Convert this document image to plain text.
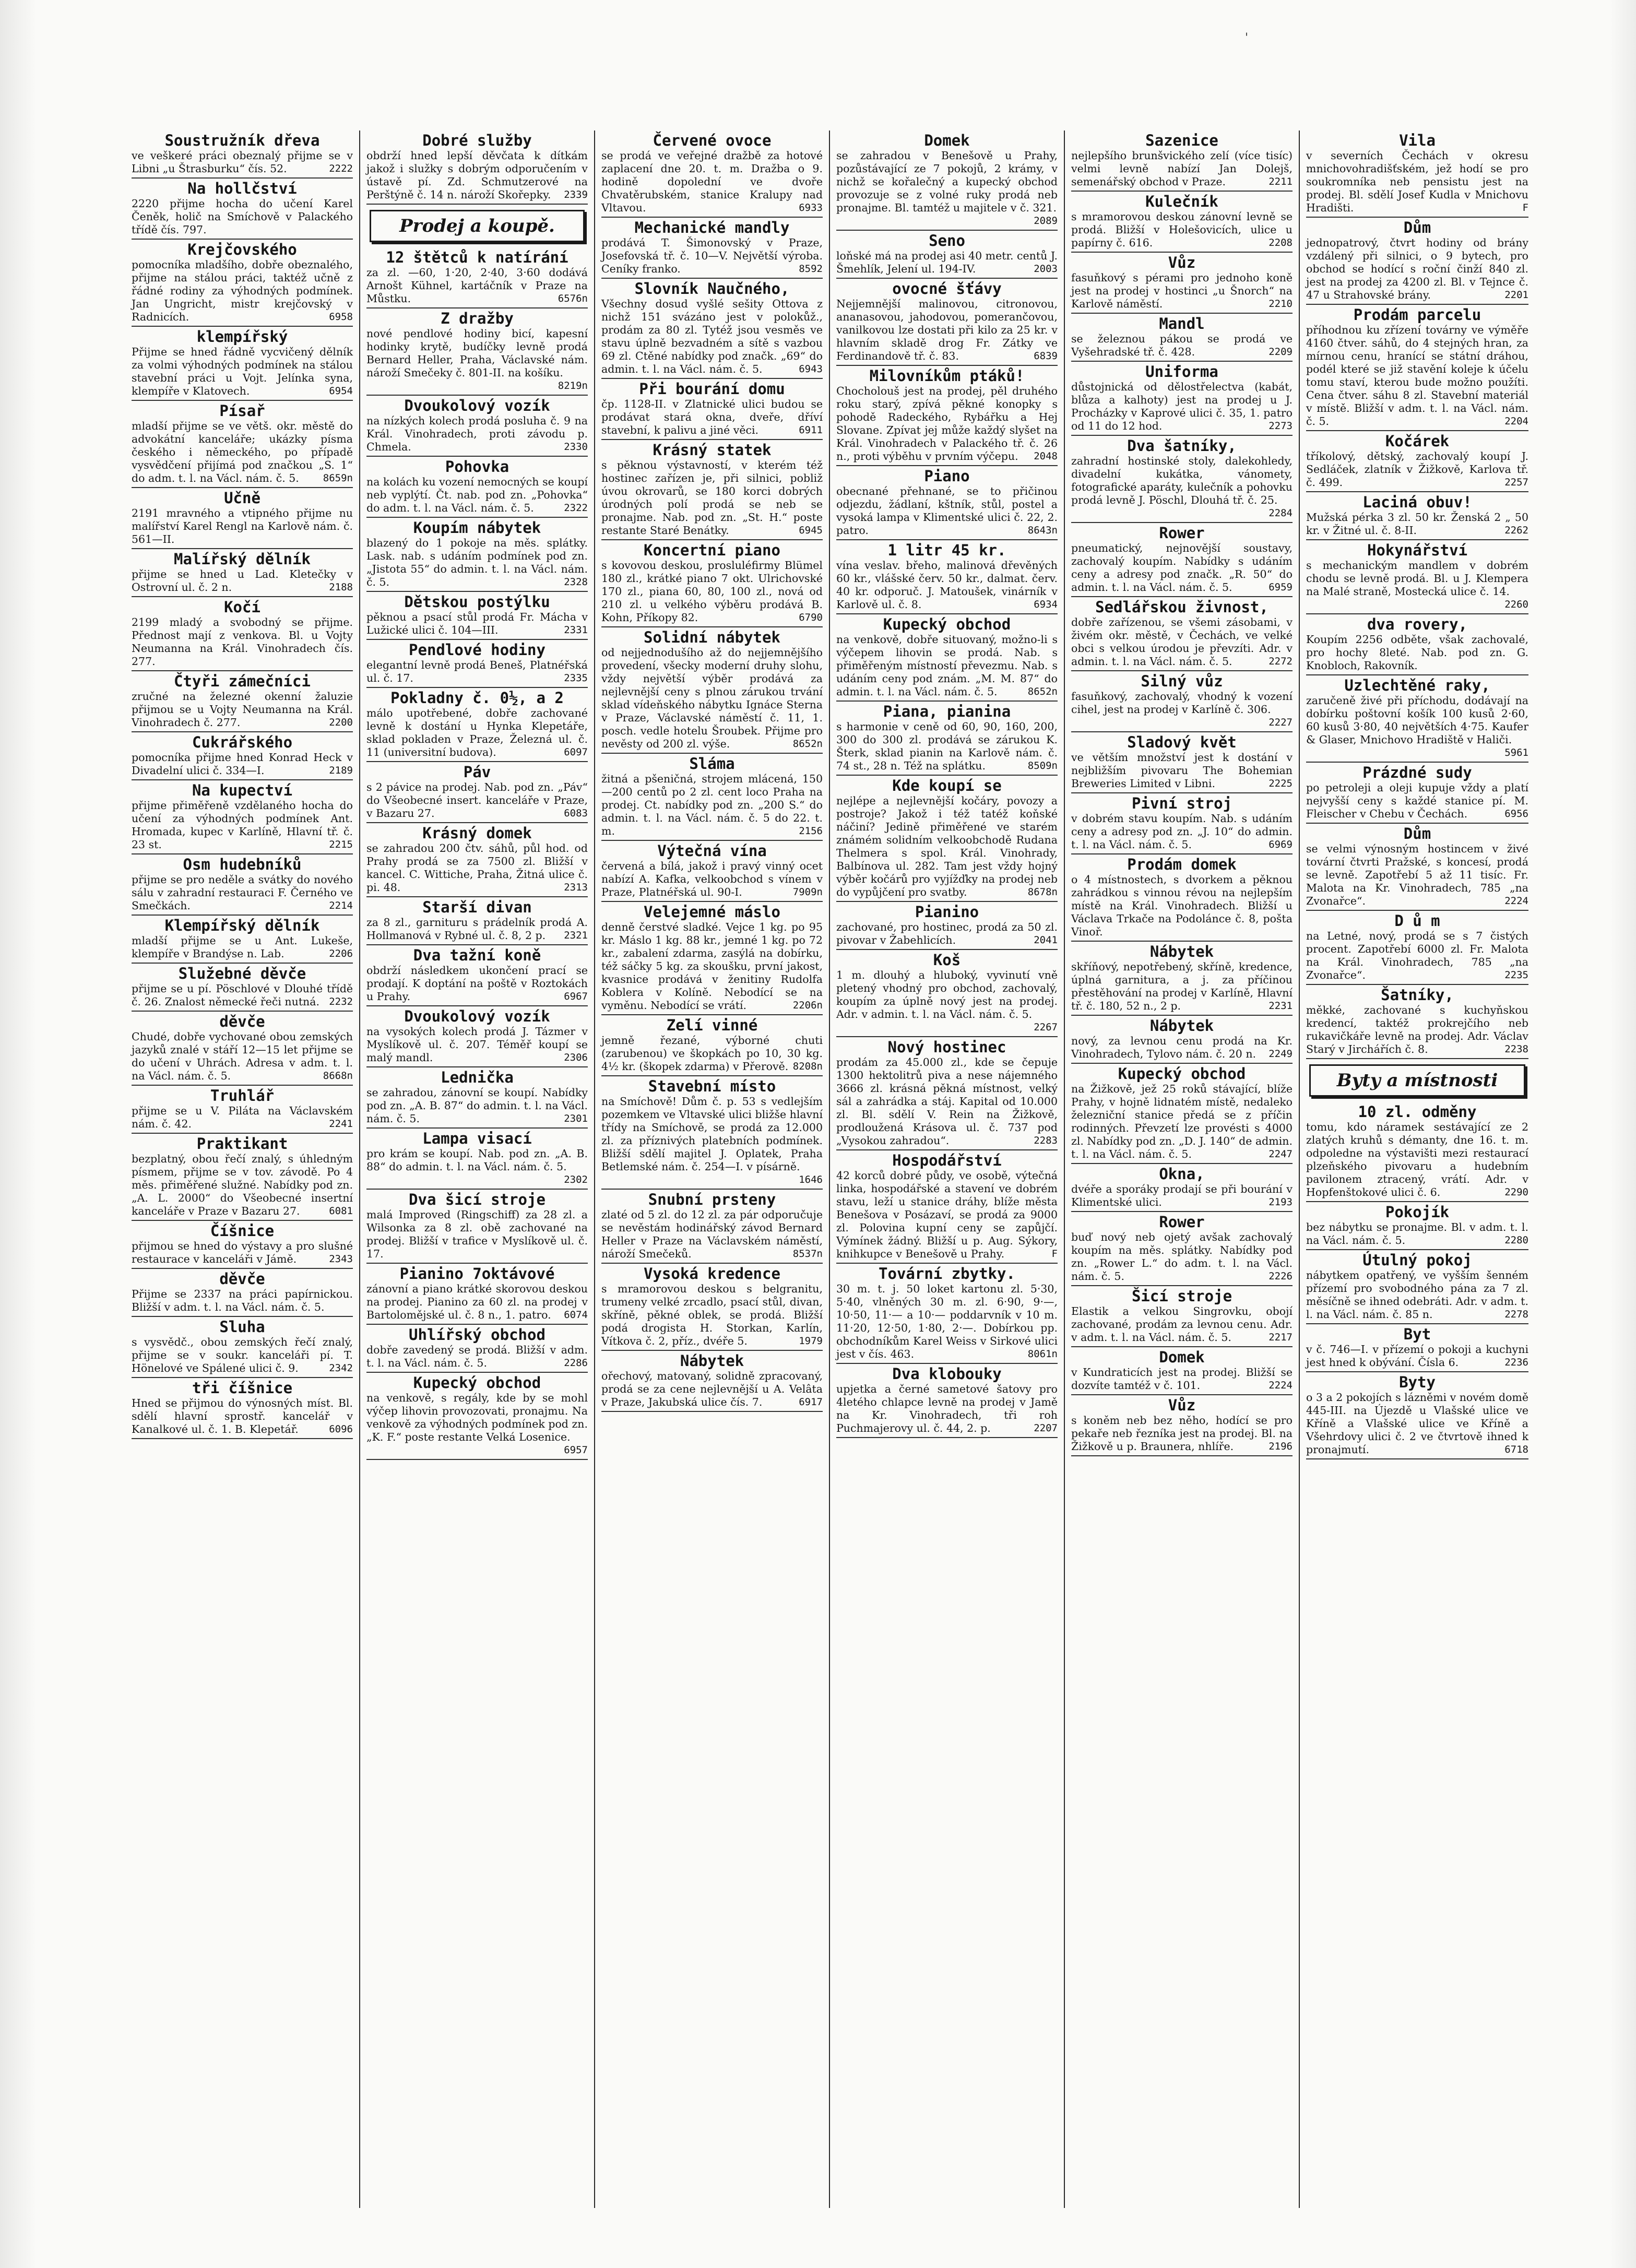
'
Soustružník dřeva
ve veškeré práci obeznalý přijme se v Libni „u Štrasburku“ čís. 52.	2222
Na hollčství
2220 přijme hocha do učení Karel Čeněk, holič na Smíchově v Palackého třídě čís. 797.
Krejčovského
pomocníka mladšího, dobře obeznalého, přijme na stálou práci, taktéž učně z řádné rodiny za výhodných podmínek. Jan Ungricht, mistr krejčovský v Radnicích.	6958
klempířský
Přijme se hned řádně vycvičený dělník za volmi výhodných podmínek na stálou stavební práci u Vojt. Jelínka syna, klempíře v Klatovech.	6954
Písař
mladší přijme se ve větš. okr. městě do advokátní kanceláře; ukázky písma českého i německého, po případě vysvědčení přijímá pod značkou „S. 1“ do adm. t. l. na Václ. nám. č. 5. 8659n
Učně
2191 mravného a vtipného přijme nu malířství Karel Rengl na Karlově nám. č. 561—II.
Malířský dělník
přijme se hned u Lad. Kletečky v Ostrovní ul. č. 2 n.	2188
Kočí
2199 mladý a svobodný se přijme. Přednost mají z venkova. Bl. u Vojty Neumanna na Král. Vinohradech čís. 277.
Čtyři zámečníci
zručné na železné okenní žaluzie přijmou se u Vojty Neumanna na Král. Vinohradech č. 277.	2200
Cukrářského
pomocníka přijme hned Konrad Heck v Divadelní ulici č. 334—I.	2189
Na kupectví
přijme přiměřeně vzdělaného hocha do učení za výhodných podmínek Ant. Hromada, kupec v Karlíně, Hlavní tř. č. 23 st.	2215
Osm hudebníků
přijme se pro neděle a svátky do nového sálu v zahradní restauraci F. Černého ve Smečkách.	2214
Klempířský dělník
mladší přijme se u Ant. Lukeše, klempíře v Brandýse n. Lab.	2206
Služebné děvče
přijme se u pí. Pöschlové v Dlouhé třídě č. 26. Znalost německé řeči nutná. 2232
děvče
Chudé, dobře vychované obou zemských jazyků znalé v stáří 12—15 let přijme se do učení v Uhrách. Adresa v adm. t. l. na Václ. nám. č. 5.	8668n
Truhlář
přijme se u V. Piláta na Václavském nám. č. 42.	2241
Praktikant
bezplatný, obou řečí znalý, s úhledným písmem, přijme se v tov. závodě. Po 4 měs. přiměřené služné. Nabídky pod zn. „A. L. 2000“ do Všeobecné insertní kanceláře v Praze v Bazaru 27.	6081
Číšnice
přijmou se hned do výstavy a pro slušné restaurace v kanceláři v Jámě.	2343
děvče
Přijme se 2337 na práci papírnickou. Bližší v adm. t. l. na Václ. nám. č. 5.
Sluha
s vysvědč., obou zemských řečí znalý, přijme se v soukr. kanceláři pí. T. Hönelové ve Spálené ulici č. 9.	2342
tři číšnice
Hned se přijmou do výnosných míst. Bl. sdělí hlavní sprostř. kancelář v Kanalkové ul. č. 1. B. Klepetář.	6096
Dobré služby
obdrží hned lepší děvčata k dítkám jakož i služky s dobrým odporučením v ústavě pí. Zd. Schmutzerové na Perštýně č. 14 n. nároží Skořepky. 2339
Prodej a koupě.
12 štětců k natírání
za zl. —60, 1·20, 2·40, 3·60 dodává Arnošt Kühnel, kartáčník v Praze na Můstku.	6576n
Z dražby
nové pendlové hodiny bicí, kapesní hodinky krytě, budíčky levně prodá Bernard Heller, Praha, Václavské nám. nároží Smečeky č. 801-II. na košíku.
8219n
Dvoukolový vozík
na nízkých kolech prodá posluha č. 9 na Král. Vinohradech, proti závodu p. Chmela.	2330
Pohovka
na kolách ku vození nemocných se koupí neb vyplýtí. Čt. nab. pod zn. „Pohovka“ do adm. t. l. na Václ. nám. č. 5.	2322
Koupím nábytek
blazený do 1 pokoje na měs. splátky. Lask. nab. s udáním podmínek pod zn. „Jistota 55“ do admin. t. l. na Václ. nám. č. 5.	2328
Dětskou postýlku
pěknou a psací stůl prodá Fr. Mácha v Lužické ulici č. 104—III.	2331
Pendlové hodiny
elegantní levně prodá Beneš, Platnéřská ul. č. 17.	2335
Pokladny č. 0½, a 2
málo upotřebené, dobře zachované levně k dostání u Hynka Klepetáře, sklad pokladen v Praze, Železná ul. č. 11 (universitní budova).	6097
Páv
s 2 pávice na prodej. Nab. pod zn. „Páv“ do Všeobecné insert. kanceláře v Praze, v Bazaru 27.	6083
Krásný domek
se zahradou 200 čtv. sáhů, půl hod. od Prahy prodá se za 7500 zl. Bližší v kancel. C. Wittiche, Praha, Žitná ulice č. pi. 48.	2313
Starší divan
za 8 zl., garnituru s prádelník prodá A. Hollmanová v Rybné ul. č. 8, 2 p. 2321
Dva tažní koně
obdrží následkem ukončení prací se prodají. K doptání na poště v Roztokách u Prahy.	6967
Dvoukolový vozík
na vysokých kolech prodá J. Tázmer v Myslíkově ul. č. 207. Téměř koupí se malý mandl.	2306
Lednička
se zahradou, zánovní se koupí. Nabídky pod zn. „A. B. 87“ do admin. t. l. na Václ. nám. č. 5.	2301
Lampa visací
pro krám se koupí. Nab. pod zn. „A. B. 88“ do admin. t. l. na Václ. nám. č. 5.
2302
Dva šicí stroje
malá Improved (Ringschiff) za 28 zl. a Wilsonka za 8 zl. obě zachované na prodej. Bližší v trafice v Myslíkově ul. č. 17.
Pianino 7oktávové
zánovní a piano krátké skorovou deskou na prodej. Pianino za 60 zl. na prodej v Bartolomějské ul. č. 8 n., 1. patro. 6074
Uhlířský obchod
dobře zavedený se prodá. Bližší v adm. t. l. na Václ. nám. č. 5.	2286
Kupecký obchod
na venkově, s regály, kde by se mohl výčep lihovin provozovati, pronajmu. Na venkově za výhodných podmínek pod zn. „K. F.“ poste restante Velká Losenice.
6957
Červené ovoce
se prodá ve veřejné dražbě za hotové zaplacení dne 20. t. m. Dražba o 9. hodině dopolední ve dvoře Chvatěrubském, stanice Kralupy nad Vltavou.	6933
Mechanické mandly
prodává T. Šimonovský v Praze, Josefovská tř. č. 10—V. Největší výroba. Ceníky franko.	8592
Slovník Naučného,
Všechny dosud vyšlé sešity Ottova z nichž 151 svázáno jest v polokůž., prodám za 80 zl. Tytéž jsou vesměs ve stavu úplně bezvadném a sítě s vazbou 69 zl. Ctěné nabídky pod značk. „69“ do admin. t. l. na Václ. nám. č. 5.	6943
Při bourání domu
čp. 1128-II. v Zlatnické ulici budou se prodávat stará okna, dveře, dříví stavební, k palivu a jiné věci.	6911
Krásný statek
s pěknou výstavností, v kterém též hostinec zařízen je, při silnici, pobliž úvou okrovarů, se 180 korci dobrých úrodných polí prodá se neb se pronajme. Nab. pod zn. „St. H.“ poste restante Staré Benátky.	6945
Koncertní piano
s kovovou deskou, prosluléfirmy Blümel 180 zl., krátké piano 7 okt. Ulrichovské 170 zl., piana 60, 80, 100 zl., nová od 210 zl. u velkého výběru prodává B. Kohn, Příkopy 82.	6790
Solidní nábytek
od nejjednodušího až do nejjemnějšího provedení, všecky moderní druhy slohu, vždy největší výběr prodává za nejlevnější ceny s plnou zárukou trvání sklad vídeňského nábytku Ignáce Sterna v Praze, Václavské náměstí č. 11, 1. posch. vedle hotelu Šroubek. Přijme pro nevěsty od 200 zl. výše.	8652n
Sláma
žitná a pšeničná, strojem mlácená, 150—200 centů po 2 zl. cent loco Praha na prodej. Ct. nabídky pod zn. „200 S.“ do admin. t. l. na Václ. nám. č. 5 do 22. t. m.	2156
Výtečná vína
červená a bílá, jakož i pravý vinný ocet nabízí A. Kafka, velkoobchod s vínem v Praze, Platnéřská ul. 90-I.	7909n
Velejemné máslo
denně čerstvé sladké. Vejce 1 kg. po 95 kr. Máslo 1 kg. 88 kr., jemné 1 kg. po 72 kr., zabalení zdarma, zasýlá na dobírku, též sáčky 5 kg. za skoušku, první jakost, kvasnice prodává v ženitiny Rudolfa Koblera v Kolíně. Nebodící se na vyměnu. Nebodící se vrátí.	2206n
Zelí vinné
jemně řezané, výborné chuti (zarubenou) ve škopkách po 10, 30 kg. 4½ kr. (škopek zdarma) v Přerově. 8208n
Stavební místo
na Smíchově! Dům č. p. 53 s vedlejším pozemkem ve Vltavské ulici bližše hlavní třídy na Smíchově, se prodá za 12.000 zl. za příznivých platebních podmínek. Bližší sdělí majitel J. Oplatek, Praha Betlemské nám. č. 254—I. v písárně.
1646
Snubní prsteny
zlaté od 5 zl. do 12 zl. za pár odporučuje se nevěstám hodinářský závod Bernard Heller v Praze na Václavském náměstí, nároží Smečeků.	8537n
Vysoká kredence
s mramorovou deskou s belgranitu, trumeny velké zrcadlo, psací stůl, divan, skříně, pěkné oblek, se prodá. Bližší podá drogista H. Storkan, Karlín, Vítkova č. 2, příz., dvéře 5.	1979
Nábytek
ořechový, matovaný, solidně zpracovaný, prodá se za cene nejlevnější u A. Velâta v Praze, Jakubská ulice čís. 7.	6917
Domek
se zahradou v Benešově u Prahy, pozůstávající ze 7 pokojů, 2 krámy, v nichž se kořalečný a kupecký obchod provozuje se z volné ruky prodá neb pronajme. Bl. tamtéž u majitele v č. 321.
2089
Seno
loňské má na prodej asi 40 metr. centů J. Šmehlík, Jelení ul. 194-IV.	2003
ovocné šťávy
Nejjemnější malinovou, citronovou, ananasovou, jahodovou, pomerančovou, vanilkovou lze dostati při kilo za 25 kr. v hlavním skladě drog Fr. Zátky ve Ferdinandově tř. č. 83.	6839
Milovníkům ptáků!
Chocholouš jest na prodej, pěl druhého roku starý, zpívá pěkné konopky s pohodě Radeckého, Rybářku a Hej Slovane. Zpívat jej může každý slyšet na Král. Vinohradech v Palackého tř. č. 26 n., proti výběhu v prvním výčepu. 2048
Piano
obecnané přehnané, se to přičinou odjezdu, žádlaní, kštník, stůl, postel a vysoká lampa v Klimentské ulici č. 22, 2. patro.	8643n
1 litr 45 kr.
vína veslav. břeho, malinová dřevěných 60 kr., vlášské červ. 50 kr., dalmat. červ. 40 kr. odporuč. J. Matoušek, vinárník v Karlově ul. č. 8.	6934
Kupecký obchod
na venkově, dobře situovaný, možno-li s výčepem lihovin se prodá. Nab. s přiměřeným místností převezmu. Nab. s udáním ceny pod znám. „M. M. 87“ do admin. t. l. na Václ. nám. č. 5.	8652n
Piana, pianina
s harmonie v ceně od 60, 90, 160, 200, 300 do 300 zl. prodává se zárukou K. Šterk, sklad pianin na Karlově nám. č. 74 st., 28 n. Též na splátku.	8509n
Kde koupí se
nejlépe a nejlevnější kočáry, povozy a postroje? Jakož i též tatéž koňské náčiní? Jedině přiměřené ve starém známém solidním velkoobchodě Rudana Thelmera s spol. Král. Vinohrady, Balbínova ul. 282. Tam jest vždy hojný výběr kočárů pro vyjížďky na prodej neb do vypůjčení pro svatby.	8678n
Pianino
zachované, pro hostinec, prodá za 50 zl. pivovar v Žabehlicích.	2041
Koš
1 m. dlouhý a hluboký, vyvinutí vně pletený vhodný pro obchod, zachovalý, koupím za úplně nový jest na prodej. Adr. v admin. t. l. na Václ. nám. č. 5.
2267
Nový hostinec
prodám za 45.000 zl., kde se čepuje 1300 hektolitrů piva a nese nájemného 3666 zl. krásná pěkná místnost, velký sál a zahrádka a stáj. Kapital od 10.000 zl. Bl. sdělí V. Rein na Žižkově, prodloužená Krásova ul. č. 737 pod „Vysokou zahradou“.	2283
Hospodářství
42 korců dobré půdy, ve osobě, výtečná linka, hospodářské a stavení ve dobrém stavu, leží u stanice dráhy, blíže města Benešova v Posázaví, se prodá za 9000 zl. Polovina kupní ceny se zapůjčí. Výmínek žádný. Bližší u p. Aug. Sýkory, knihkupce v Benešově u Prahy.	F
Tovární zbytky.
30 m. t. j. 50 loket kartonu zl. 5·30, 5·40, vlněných 30 m. zl. 6·90, 9·—, 10·50, 11·— a 10·— poddarvník v 10 m. 11·20, 12·50, 1·80, 2·—. Dobírkou pp. obchodníkům Karel Weiss v Sirkové ulici jest v čís. 463.	8061n
Dva klobouky
upjetka a černé sametové šatovy pro 4letého chlapce levně na prodej v Jamě na Kr. Vinohradech, tři roh Puchmajerovy ul. č. 44, 2. p.	2207
Sazenice
nejlepšího brunšvického zelí (více tisíc) velmi levně nabízí Jan Dolejš, semenářský obchod v Praze.	2211
Kulečník
s mramorovou deskou zánovní levně se prodá. Bližší v Holešovicích, ulice u papírny č. 616.	2208
Vůz
fasuňkový s pérami pro jednoho koně jest na prodej v hostinci „u Šnorch“ na Karlově náměstí.	2210
Mandl
se železnou pákou se prodá ve Vyšehradské tř. č. 428.	2209
Uniforma
důstojnická od dělostřelectva (kabát, blůza a kalhoty) jest na prodej u J. Procházky v Kaprové ulici č. 35, 1. patro od 11 do 12 hod.	2273
Dva šatníky,
zahradní hostinské stoly, dalekohledy, divadelní kukátka, vánomety, fotografické aparáty, kulečník a pohovku prodá levně J. Pöschl, Dlouhá tř. č. 25.
2284
Rower
pneumatický, nejnovější soustavy, zachovalý koupím. Nabídky s udáním ceny a adresy pod značk. „R. 50“ do admin. t. l. na Václ. nám. č. 5.	6959
Sedlářskou živnost,
dobře zařízenou, se všemi zásobami, v živém okr. městě, v Čechách, ve velké obci s velkou úrodou je převzíti. Adr. v admin. t. l. na Václ. nám. č. 5.	2272
Silný vůz
fasuňkový, zachovalý, vhodný k vození cihel, jest na prodej v Karlíně č. 306.
2227
Sladový květ
ve větším množství jest k dostání v nejbližším pivovaru The Bohemian Breweries Limited v Libni.	2225
Pivní stroj
v dobrém stavu koupím. Nab. s udáním ceny a adresy pod zn. „J. 10“ do admin. t. l. na Václ. nám. č. 5.	6969
Prodám domek
o 4 místnostech, s dvorkem a pěknou zahrádkou s vinnou révou na nejlepším místě na Král. Vinohradech. Bližší u Václava Trkače na Podolánce č. 8, pošta Vinoř.
Nábytek
skříňový, nepotřebený, skříně, kredence, úplná garnitura, a j. za příčinou přestěhování na prodej v Karlíně, Hlavní tř. č. 180, 52 n., 2 p.	2231
Nábytek
nový, za levnou cenu prodá na Kr. Vinohradech, Tylovo nám. č. 20 n. 2249
Kupecký obchod
na Žižkově, jež 25 roků stávající, blíže Prahy, v hojně lidnatém místě, nedaleko železniční stanice předá se z příčin rodinných. Převzetí lze provésti s 4000 zl. Nabídky pod zn. „D. J. 140“ de admin. t. l. na Václ. nám. č. 5.	2247
Okna,
dvéře a sporáky prodají se při bourání v Klimentské ulici.	2193
Rower
buď nový neb ojetý avšak zachovalý koupím na měs. splátky. Nabídky pod zn. „Rower L.“ do adm. t. l. na Václ. nám. č. 5.	2226
Šicí stroje
Elastik a velkou Singrovku, obojí zachované, prodám za levnou cenu. Adr. v adm. t. l. na Václ. nám. č. 5.	2217
Domek
v Kundraticích jest na prodej. Bližší se dozvíte tamtéž v č. 101.	2224
Vůz
s koněm neb bez něho, hodící se pro pekaře neb řezníka jest na prodej. Bl. na Žižkově u p. Braunera, nhlíře.	2196
Vila
v severních Čechách v okresu mnichovohradišťském, jež hodí se pro soukromníka neb pensistu jest na prodej. Bl. sdělí Josef Kudla v Mnichovu Hradišti.	F
Dům
jednopatrový, čtvrt hodiny od brány vzdálený při silnici, o 9 bytech, pro obchod se hodící s roční činží 840 zl. jest na prodej za 4200 zl. Bl. v Tejnce č. 47 u Strahovské brány.	2201
Prodám parcelu
příhodnou ku zřízení továrny ve výměře 4160 čtver. sáhů, do 4 stejných hran, za mírnou cenu, hranící se státní dráhou, podél které se již stavění koleje k účelu tomu staví, kterou bude možno použíti. Cena čtver. sáhu 8 zl. Stavební materiál v místě. Bližší v adm. t. l. na Václ. nám. č. 5.	2204
Kočárek
tříkolový, dětský, zachovalý koupí J. Sedláček, zlatník v Žižkově, Karlova tř. č. 499.	2257
Laciná obuv!
Mužská pérka 3 zl. 50 kr. Ženská 2 „ 50 kr. v Žitné ul. č. 8-II.	2262
Hokynářství
s mechanickým mandlem v dobrém chodu se levně prodá. Bl. u J. Klempera na Malé straně, Mostecká ulice č. 14.
2260
dva rovery,
Koupím 2256 odběte, však zachovalé, pro hochy 8leté. Nab. pod zn. G. Knobloch, Rakovník.
Uzlechtěné raky,
zaručeně živé při příchodu, dodávají na dobírku poštovní košík 100 kusů 2·60, 60 kusů 3·80, 40 největších 4·75. Kaufer & Glaser, Mnichovo Hradiště v Haliči.
5961
Prázdné sudy
po petroleji a oleji kupuje vždy a platí nejvyšší ceny s každé stanice pí. M. Fleischer v Chebu v Čechách.	6956
Dům
se velmi výnosným hostincem v živé tovární čtvrti Pražské, s koncesí, prodá se levně. Zapotřebí 5 až 11 tisíc. Fr. Malota na Kr. Vinohradech, 785 „na Zvonařce“.	2224
D ů m
na Letné, nový, prodá se s 7 čistých procent. Zapotřebí 6000 zl. Fr. Malota na Král. Vinohradech, 785 „na Zvonařce“.	2235
Šatníky,
měkké, zachované s kuchyňskou kredencí, taktéž prokrejčího neb rukavičkáře levně na prodej. Adr. Václav Starý v Jirchářích č. 8.	2238
Byty a místnosti
10 zl. odměny
tomu, kdo náramek sestávající ze 2 zlatých kruhů s démanty, dne 16. t. m. odpoledne na výstavišti mezi restaurací plzeňského pivovaru a hudebním pavilonem ztracený, vrátí. Adr. v Hopfenštokové ulici č. 6.	2290
Pokojík
bez nábytku se pronajme. Bl. v adm. t. l. na Václ. nám. č. 5.	2280
Útulný pokoj
nábytkem opatřený, ve vyšším šenném přízemí pro svobodného pána za 7 zl. měsíčně se ihned odebráti. Adr. v adm. t. l. na Václ. nám. č. 85 n.	2278
Byt
v č. 746—I. v přízemí o pokoji a kuchyni jest hned k obývání. Čísla 6.	2236
Byty
o 3 a 2 pokojích s lázněmi v novém domě 445-III. na Újezdě u Vlašské ulice ve Kříně a Vlašské ulice ve Kříně a Všehrdovy ulici č. 2 ve čtvrtově ihned k pronajmutí.	6718
